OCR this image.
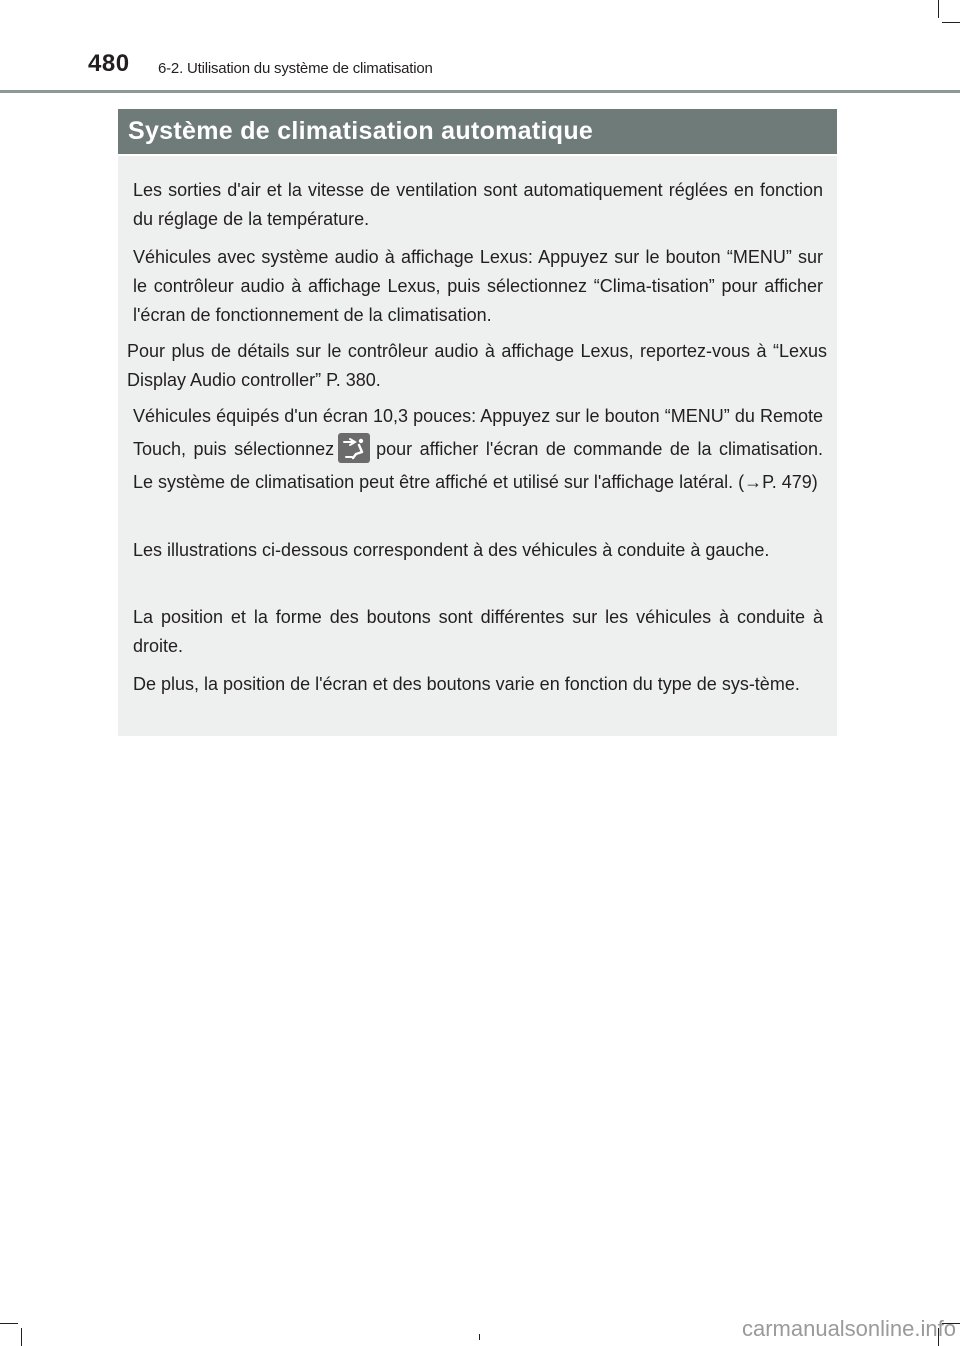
480 6-2. Utilisation du système de climatisation
Système de climatisation automatique
Les sorties d'air et la vitesse de ventilation sont automatiquement réglées en fonction du réglage de la température.
Véhicules avec système audio à affichage Lexus: Appuyez sur le bouton “MENU” sur le contrôleur audio à affichage Lexus, puis sélectionnez “Clima-tisation” pour afficher l'écran de fonctionnement de la climatisation.
Pour plus de détails sur le contrôleur audio à affichage Lexus, reportez-vous à “Lexus Display Audio controller” P. 380.
Véhicules équipés d'un écran 10,3 pouces: Appuyez sur le bouton “MENU” du Remote Touch, puis sélectionnez pour afficher l'écran de commande de la climatisation. Le système de climatisation peut être affiché et utilisé sur l'affichage latéral. (→P. 479)
Les illustrations ci-dessous correspondent à des véhicules à conduite à gauche.
La position et la forme des boutons sont différentes sur les véhicules à conduite à droite.
De plus, la position de l'écran et des boutons varie en fonction du type de sys-tème.
carmanualsonline.info
